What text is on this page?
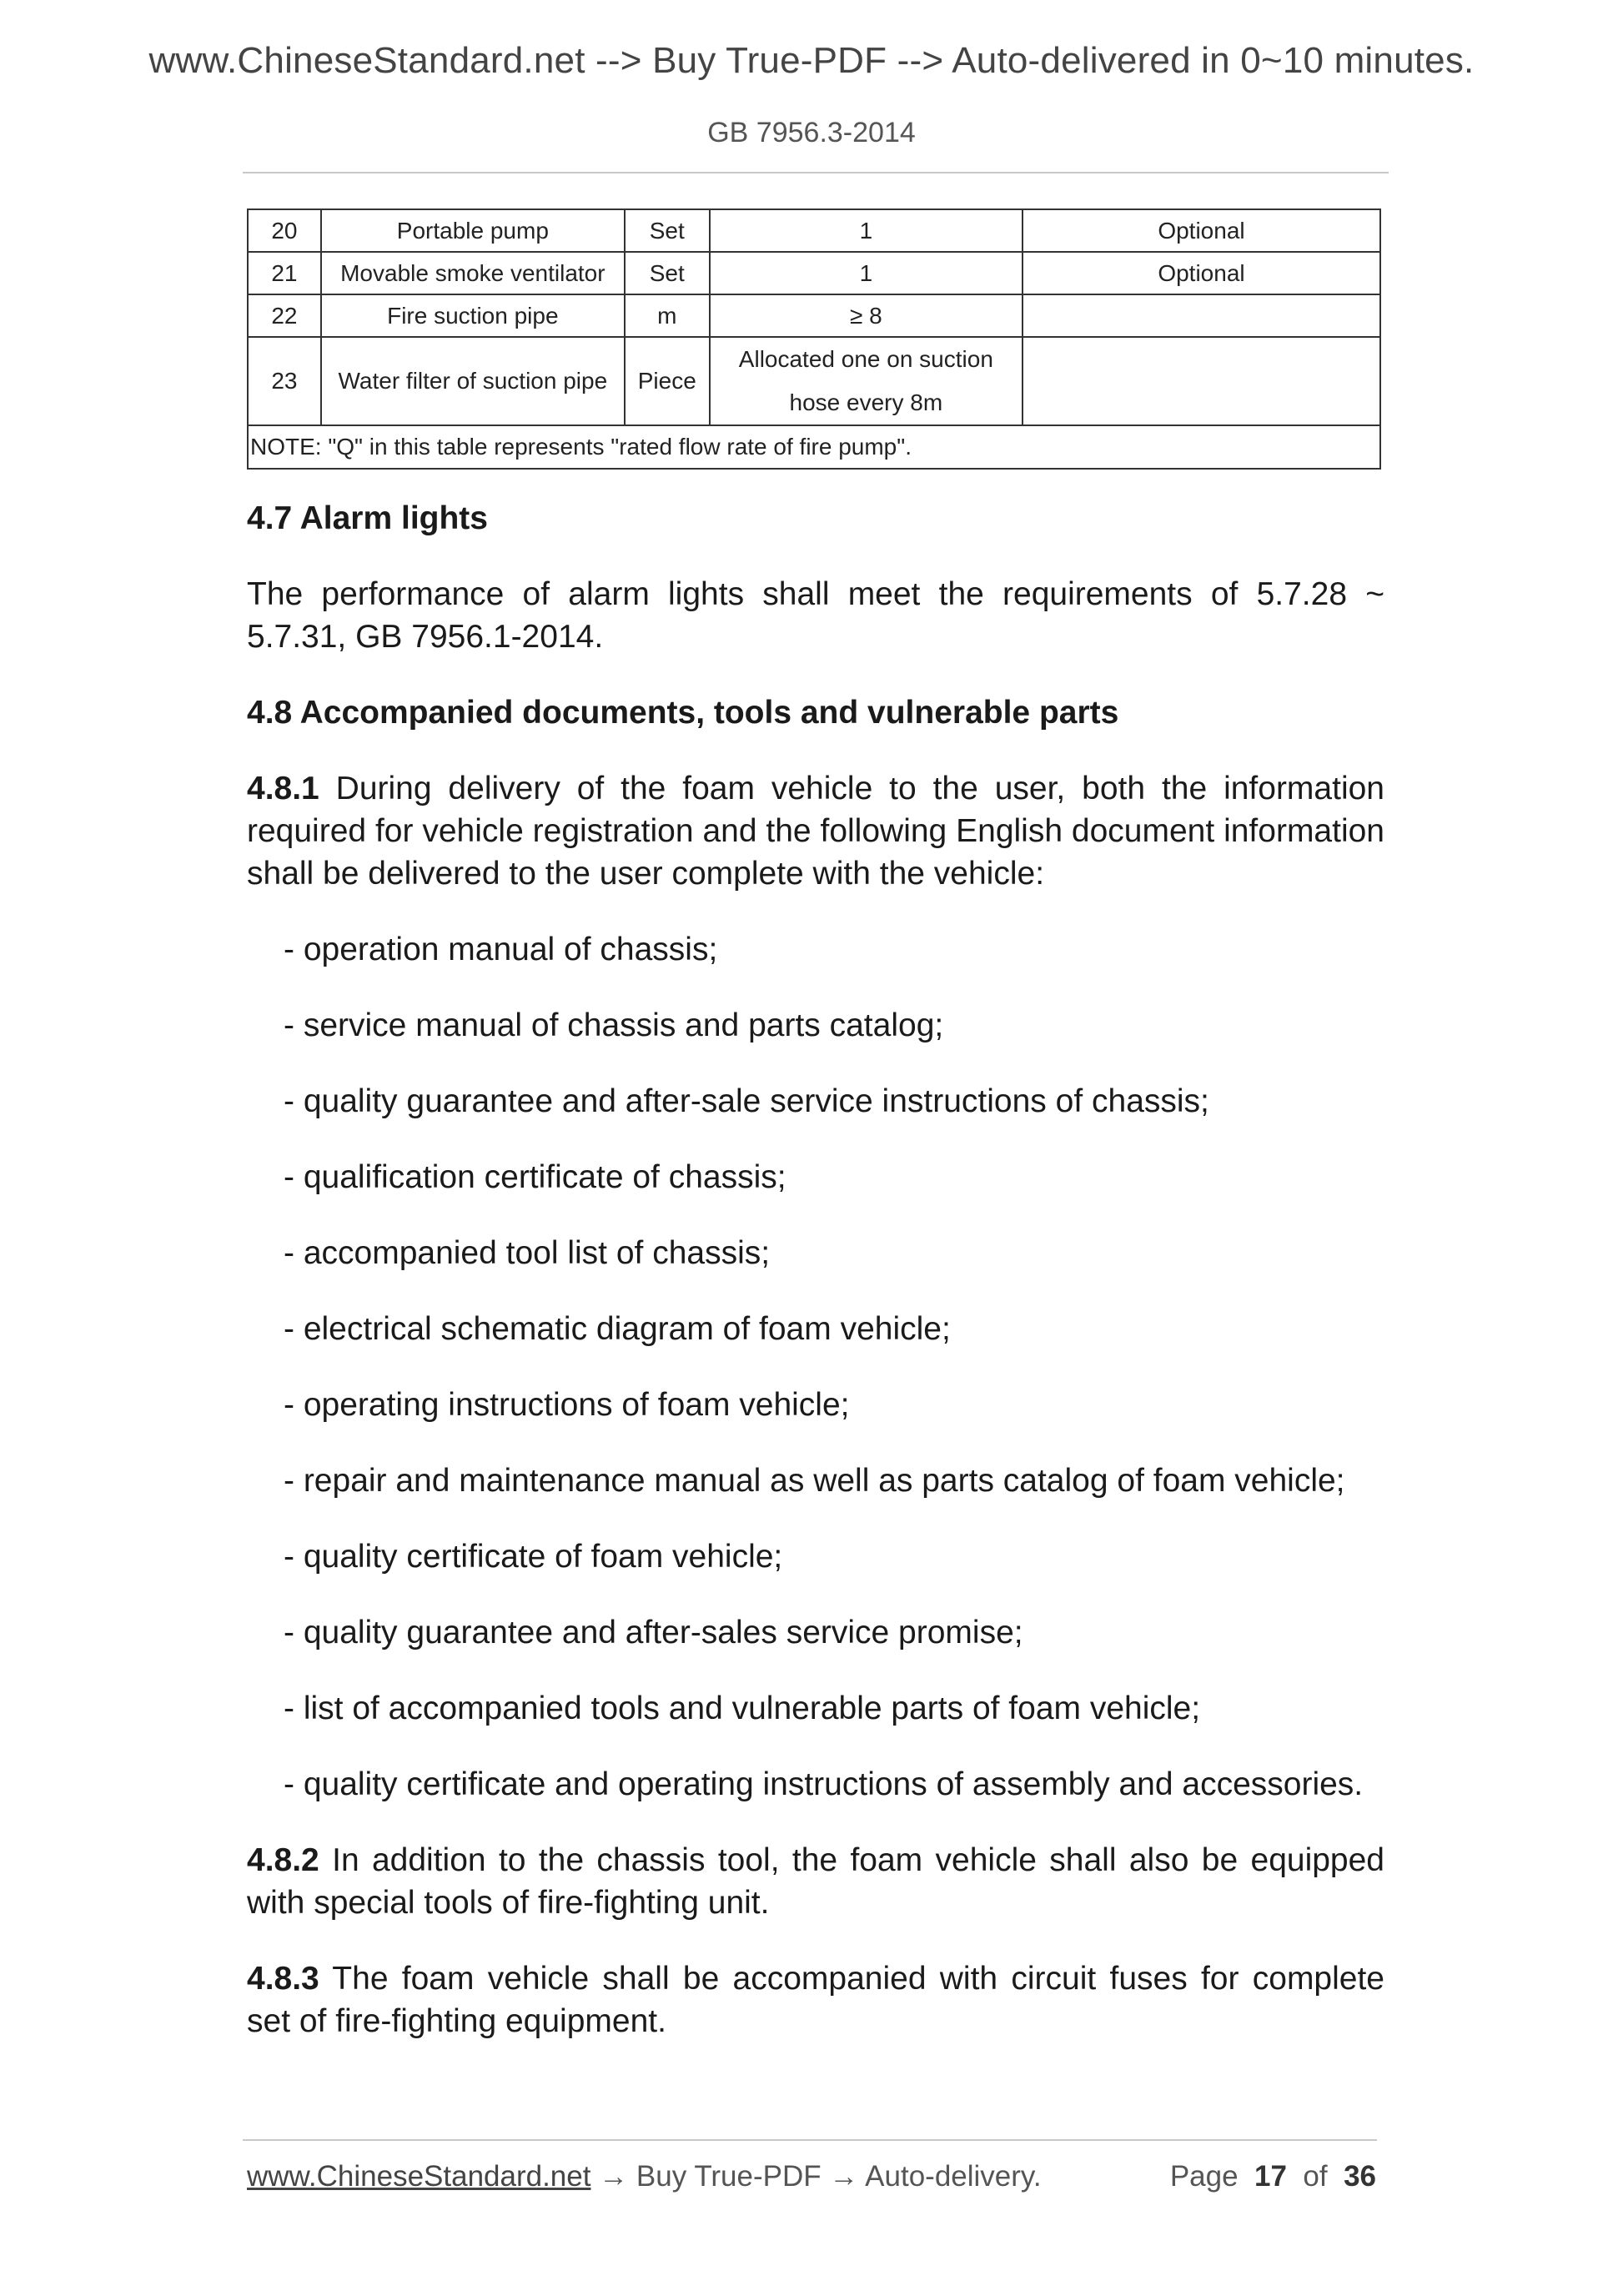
www.ChineseStandard.net --> Buy True-PDF --> Auto-delivered in 0~10 minutes.
GB 7956.3-2014
20	Portable pump	Set	1	Optional
21	Movable smoke ventilator	Set	1	Optional
22	Fire suction pipe	m	≥ 8	
23	Water filter of suction pipe	Piece	Allocated one on suction
hose every 8m	

NOTE: "Q" in this table represents "rated flow rate of fire pump".				
4.7 Alarm lights

The performance of alarm lights shall meet the requirements of 5.7.28 ~ 5.7.31, GB 7956.1-2014.

4.8 Accompanied documents, tools and vulnerable parts

4.8.1 During delivery of the foam vehicle to the user, both the information required for vehicle registration and the following English document information shall be delivered to the user complete with the vehicle:

- operation manual of chassis;
- service manual of chassis and parts catalog;
- quality guarantee and after-sale service instructions of chassis;
- qualification certificate of chassis;
- accompanied tool list of chassis;
- electrical schematic diagram of foam vehicle;
- operating instructions of foam vehicle;
- repair and maintenance manual as well as parts catalog of foam vehicle;
- quality certificate of foam vehicle;
- quality guarantee and after-sales service promise;
- list of accompanied tools and vulnerable parts of foam vehicle;
- quality certificate and operating instructions of assembly and accessories.

4.8.2 In addition to the chassis tool, the foam vehicle shall also be equipped with special tools of fire-fighting unit.

4.8.3 The foam vehicle shall be accompanied with circuit fuses for complete set of fire-fighting equipment.

www.ChineseStandard.net → Buy True-PDF → Auto-delivery.	Page 17 of 36
